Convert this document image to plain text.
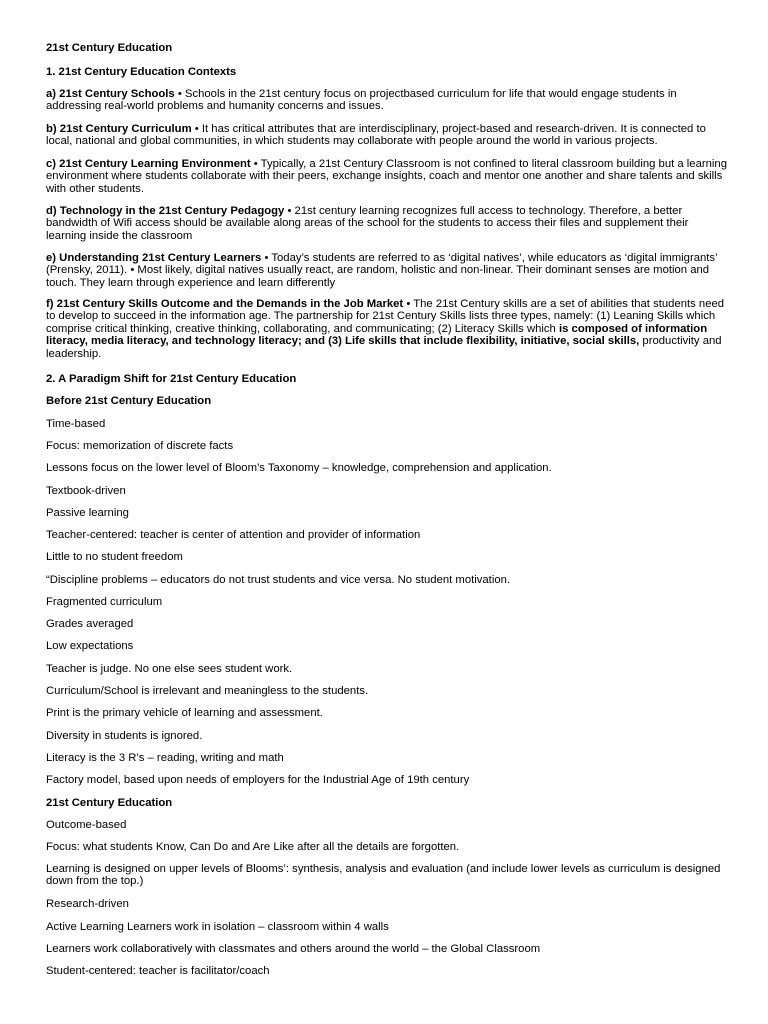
21st Century Education

1. 21st Century Education Contexts

a) 21st Century Schools • Schools in the 21st century focus on projectbased curriculum for life that would engage students in addressing real-world problems and humanity concerns and issues.

b) 21st Century Curriculum • It has critical attributes that are interdisciplinary, project-based and research-driven. It is connected to local, national and global communities, in which students may collaborate with people around the world in various projects.

c) 21st Century Learning Environment • Typically, a 21st Century Classroom is not confined to literal classroom building but a learning environment where students collaborate with their peers, exchange insights, coach and mentor one another and share talents and skills with other students.

d) Technology in the 21st Century Pedagogy • 21st century learning recognizes full access to technology. Therefore, a better bandwidth of Wifi access should be available along areas of the school for the students to access their files and supplement their learning inside the classroom

e) Understanding 21st Century Learners • Today’s students are referred to as ‘digital natives’, while educators as ‘digital immigrants’ (Prensky, 2011). • Most likely, digital natives usually react, are random, holistic and non-linear. Their dominant senses are motion and touch. They learn through experience and learn differently

f) 21st Century Skills Outcome and the Demands in the Job Market • The 21st Century skills are a set of abilities that students need to develop to succeed in the information age. The partnership for 21st Century Skills lists three types, namely: (1) Leaning Skills which comprise critical thinking, creative thinking, collaborating, and communicating; (2) Literacy Skills which is composed of information literacy, media literacy, and technology literacy; and (3) Life skills that include flexibility, initiative, social skills, productivity and leadership.

2. A Paradigm Shift for 21st Century Education

Before 21st Century Education

Time-based

Focus: memorization of discrete facts

Lessons focus on the lower level of Bloom’s Taxonomy – knowledge, comprehension and application.

Textbook-driven

Passive learning

Teacher-centered: teacher is center of attention and provider of information

Little to no student freedom

“Discipline problems – educators do not trust students and vice versa. No student motivation.

Fragmented curriculum

Grades averaged

Low expectations

Teacher is judge. No one else sees student work.

Curriculum/School is irrelevant and meaningless to the students.

Print is the primary vehicle of learning and assessment.

Diversity in students is ignored.

Literacy is the 3 R’s – reading, writing and math

Factory model, based upon needs of employers for the Industrial Age of 19th century

21st Century Education

Outcome-based

Focus: what students Know, Can Do and Are Like after all the details are forgotten.

Learning is designed on upper levels of Blooms’: synthesis, analysis and evaluation (and include lower levels as curriculum is designed down from the top.)

Research-driven

Active Learning Learners work in isolation – classroom within 4 walls

Learners work collaboratively with classmates and others around the world – the Global Classroom

Student-centered: teacher is facilitator/coach
